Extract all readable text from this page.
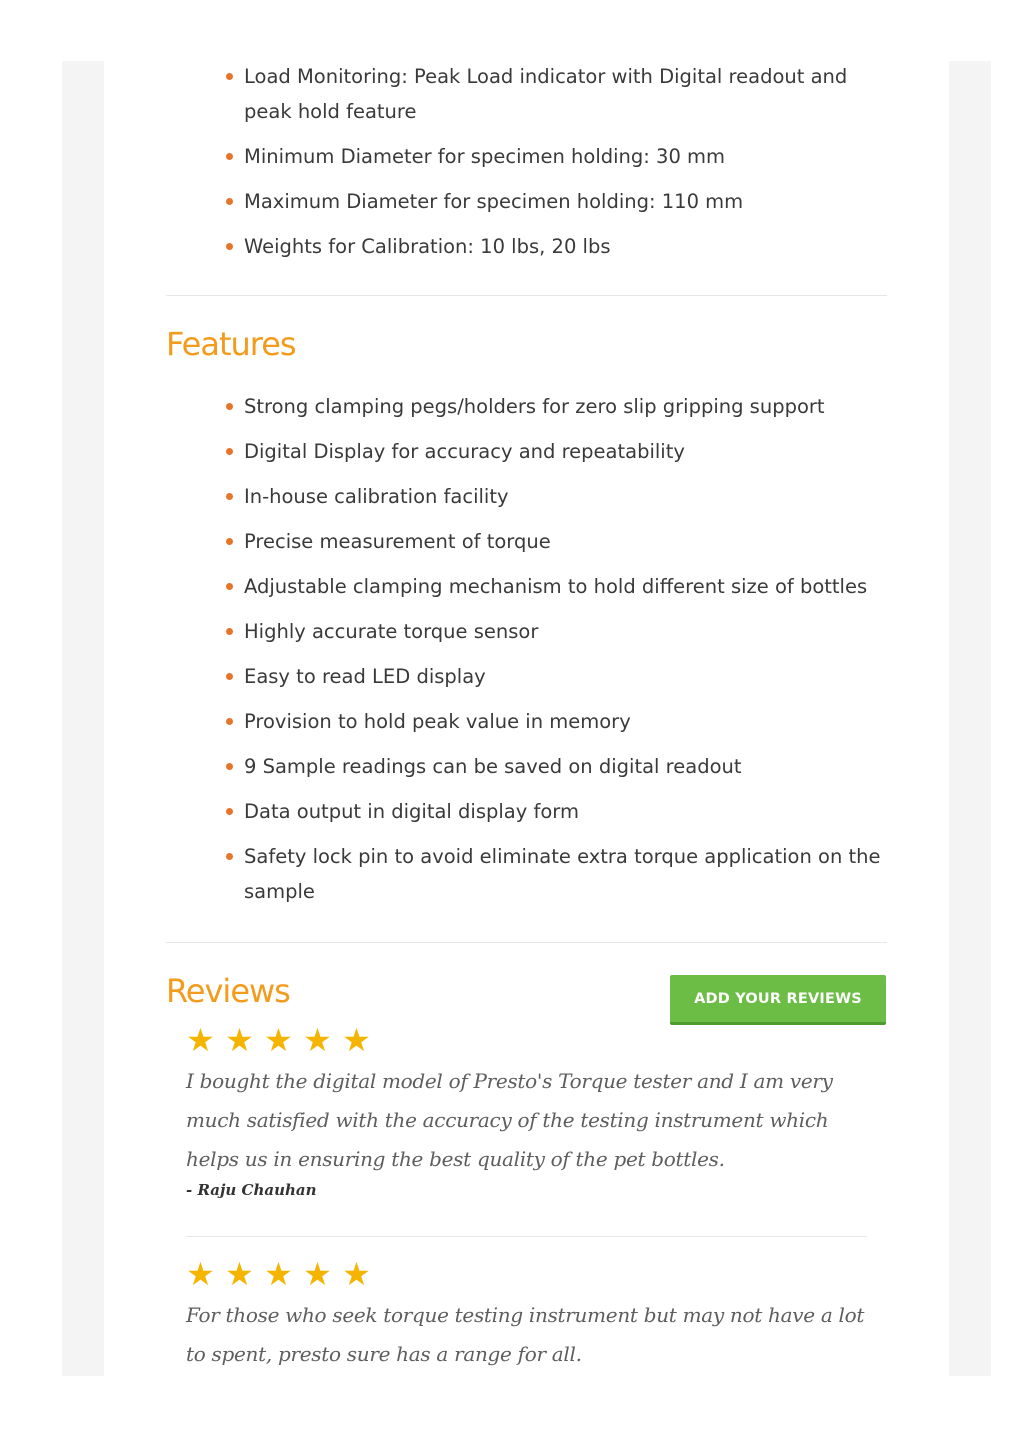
Load Monitoring: Peak Load indicator with Digital readout and peak hold feature
Minimum Diameter for specimen holding: 30 mm
Maximum Diameter for specimen holding: 110 mm
Weights for Calibration: 10 lbs, 20 lbs
Features
Strong clamping pegs/holders for zero slip gripping support
Digital Display for accuracy and repeatability
In-house calibration facility
Precise measurement of torque
Adjustable clamping mechanism to hold different size of bottles
Highly accurate torque sensor
Easy to read LED display
Provision to hold peak value in memory
9 Sample readings can be saved on digital readout
Data output in digital display form
Safety lock pin to avoid eliminate extra torque application on the sample
Reviews	ADD YOUR REVIEWS
★ ★ ★ ★ ★

I bought the digital model of Presto's Torque tester and I am very much satisfied with the accuracy of the testing instrument which helps us in ensuring the best quality of the pet bottles.

- Raju Chauhan
★ ★ ★ ★ ★

For those who seek torque testing instrument but may not have a lot to spent, presto sure has a range for all.
